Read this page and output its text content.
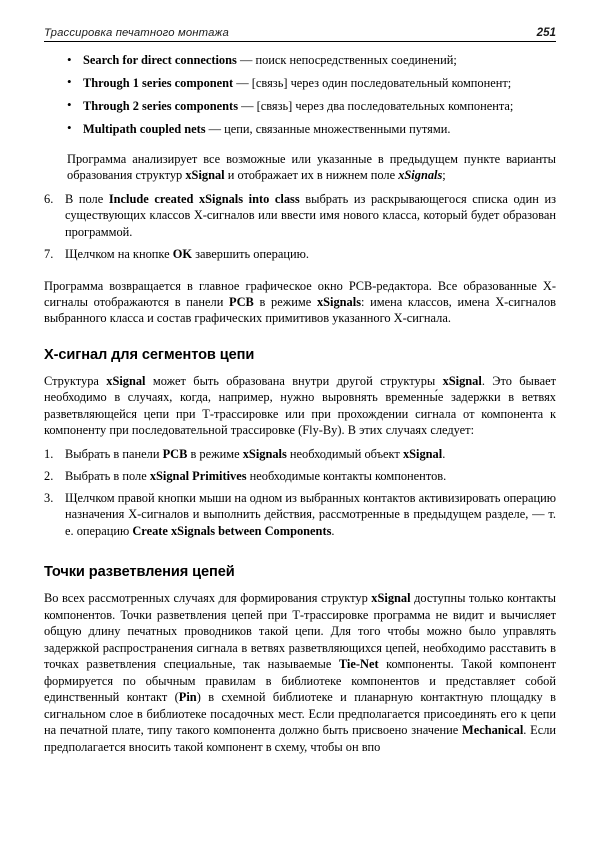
Трассировка печатного монтажа	251
• Search for direct connections — поиск непосредственных соединений;
• Through 1 series component — [связь] через один последовательный компонент;
• Through 2 series components — [связь] через два последовательных компонента;
• Multipath coupled nets — цепи, связанные множественными путями.

Программа анализирует все возможные или указанные в предыдущем пункте варианты образования структур xSignal и отображает их в нижнем поле xSignals;

6. В поле Include created xSignals into class выбрать из раскрывающегося списка один из существующих классов X-сигналов или ввести имя нового класса, который будет образован программой.
7. Щелчком на кнопке OK завершить операцию.

Программа возвращается в главное графическое окно PCB-редактора. Все образованные X-сигналы отображаются в панели PCB в режиме xSignals: имена классов, имена X-сигналов выбранного класса и состав графических примитивов указанного X-сигнала.

Х-сигнал для сегментов цепи

Структура xSignal может быть образована внутри другой структуры xSignal. Это бывает необходимо в случаях, когда, например, нужно выровнять временны́е задержки в ветвях разветвляющейся цепи при Т-трассировке или при прохождении сигнала от компонента к компоненту при последовательной трассировке (Fly-By). В этих случаях следует:

1. Выбрать в панели PCB в режиме xSignals необходимый объект xSignal.
2. Выбрать в поле xSignal Primitives необходимые контакты компонентов.
3. Щелчком правой кнопки мыши на одном из выбранных контактов активизировать операцию назначения X-сигналов и выполнить действия, рассмотренные в предыдущем разделе, — т. е. операцию Create xSignals between Components.
Точки разветвления цепей

Во всех рассмотренных случаях для формирования структур xSignal доступны только контакты компонентов. Точки разветвления цепей при Т-трассировке программа не видит и вычисляет общую длину печатных проводников такой цепи. Для того чтобы можно было управлять задержкой распространения сигнала в ветвях разветвляющихся цепей, необходимо расставить в точках разветвления специальные, так называемые Tie-Net компоненты. Такой компонент формируется по обычным правилам в библиотеке компонентов и представляет собой единственный контакт (Pin) в схемной библиотеке и планарную контактную площадку в сигнальном слое в библиотеке посадочных мест. Если предполагается присоединять его к цепи на печатной плате, типу такого компонента должно быть присвоено значение Mechanical. Если предполагается вносить такой компонент в схему, чтобы он впо
